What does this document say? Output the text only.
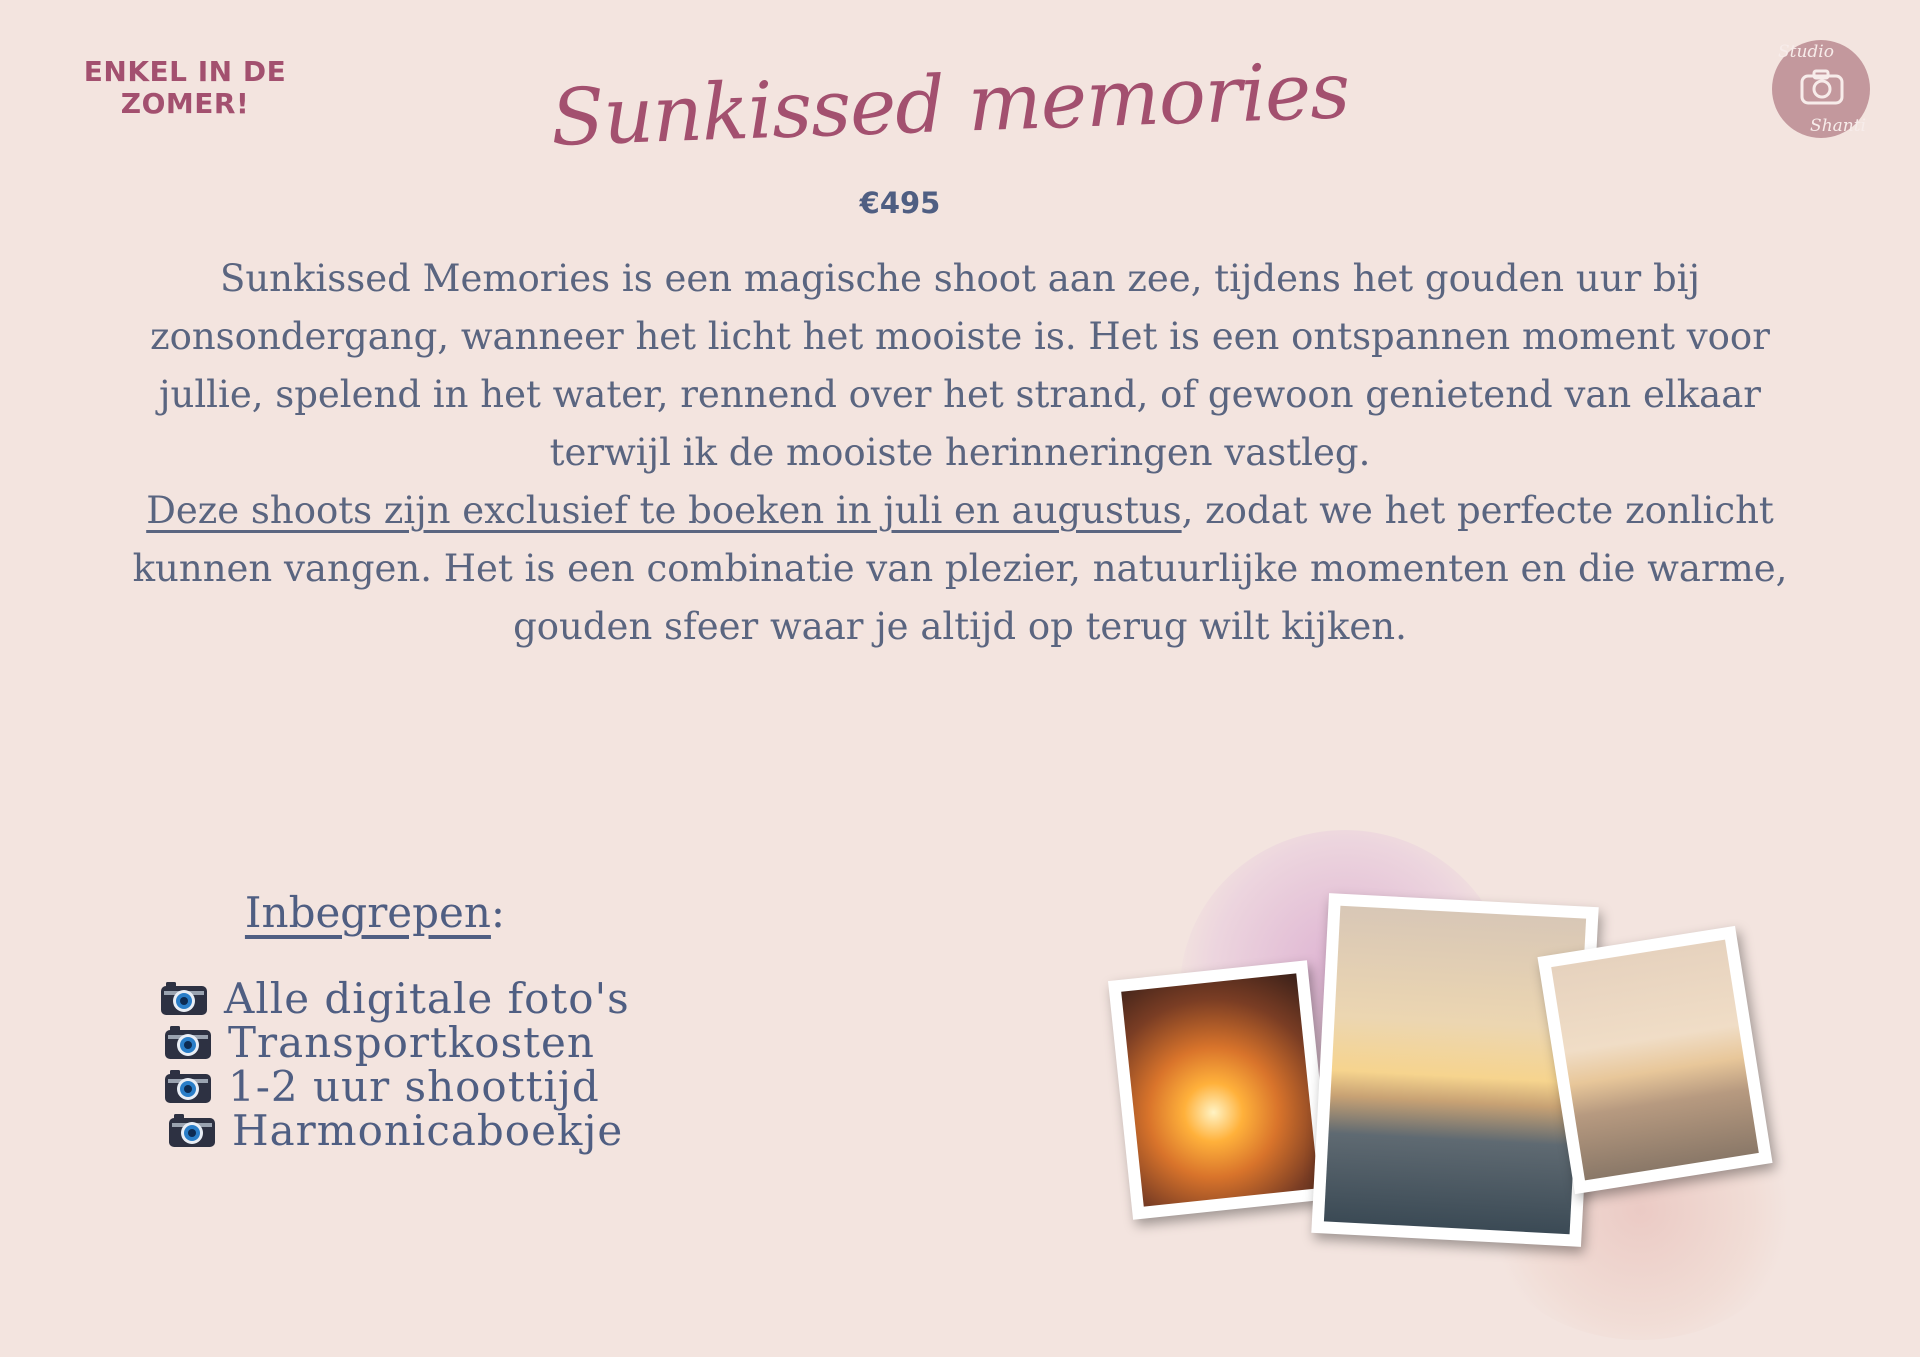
ENKEL IN DE ZOMER!
Studio
Shanti
Sunkissed memories
€495

Sunkissed Memories is een magische shoot aan zee, tijdens het gouden uur bij zonsondergang, wanneer het licht het mooiste is. Het is een ontspannen moment voor jullie, spelend in het water, rennend over het strand, of gewoon genietend van elkaar terwijl ik de mooiste herinneringen vastleg.

Deze shoots zijn exclusief te boeken in juli en augustus, zodat we het perfecte zonlicht kunnen vangen. Het is een combinatie van plezier, natuurlijke momenten en die warme, gouden sfeer waar je altijd op terug wilt kijken.

Inbegrepen:
Alle digitale foto's
Transportkosten
1-2 uur shoottijd
Harmonicaboekje
